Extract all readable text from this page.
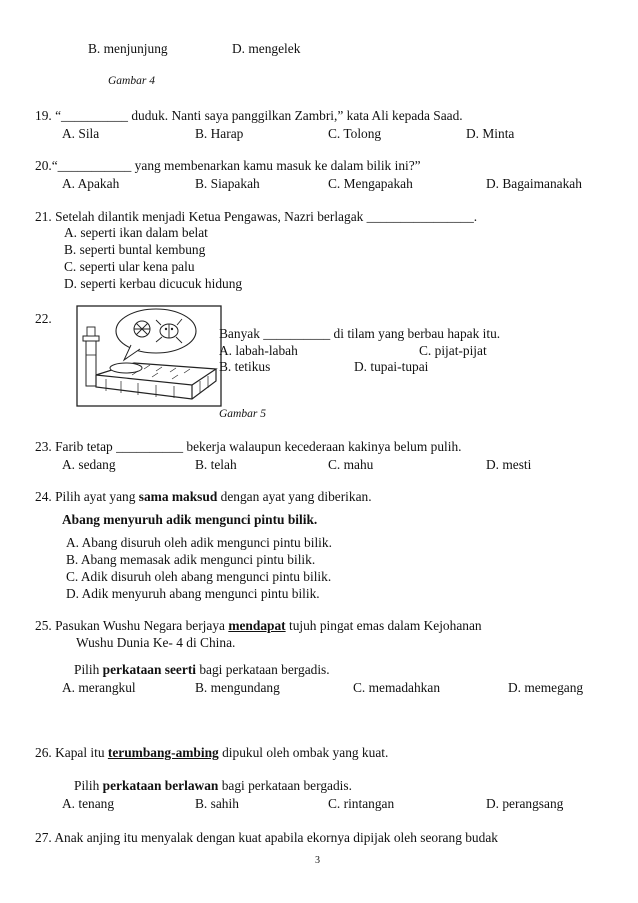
B. menjunjung	D. mengelek
Gambar 4
19. “__________ duduk. Nanti saya panggilkan Zambri,” kata Ali kepada Saad.
A. Sila	B. Harap	C. Tolong	D. Minta
20.“___________ yang membenarkan kamu masuk ke dalam bilik ini?”
A. Apakah	B. Siapakah	C. Mengapakah	D. Bagaimanakah
21. Setelah dilantik menjadi Ketua Pengawas, Nazri berlagak ________________.
A. seperti ikan dalam belat
B. seperti buntal kembung
C. seperti ular kena palu
D. seperti kerbau dicucuk hidung
22.
Banyak __________ di tilam yang berbau hapak itu.
A. labah-labah	C. pijat-pijat
B. tetikus	D. tupai-tupai
Gambar 5
23. Farib tetap __________ bekerja walaupun kecederaan kakinya belum pulih.
A. sedang	B. telah	C. mahu	D. mesti
24. Pilih ayat yang sama maksud dengan ayat yang diberikan.
Abang menyuruh adik mengunci pintu bilik.
A. Abang disuruh oleh adik mengunci pintu bilik.
B. Abang memasak adik mengunci pintu bilik.
C. Adik disuruh oleh abang mengunci pintu bilik.
D. Adik menyuruh abang mengunci pintu bilik.
25. Pasukan Wushu Negara berjaya mendapat tujuh pingat emas dalam Kejohanan
Wushu Dunia Ke- 4 di China.
Pilih perkataan seerti bagi perkataan bergadis.
A. merangkul	B. mengundang	C. memadahkan	D. memegang
26. Kapal itu terumbang-ambing dipukul oleh ombak yang kuat.
Pilih perkataan berlawan bagi perkataan bergadis.
A. tenang	B. sahih	C. rintangan	D. perangsang
27. Anak anjing itu menyalak dengan kuat apabila ekornya dipijak oleh seorang budak
3
